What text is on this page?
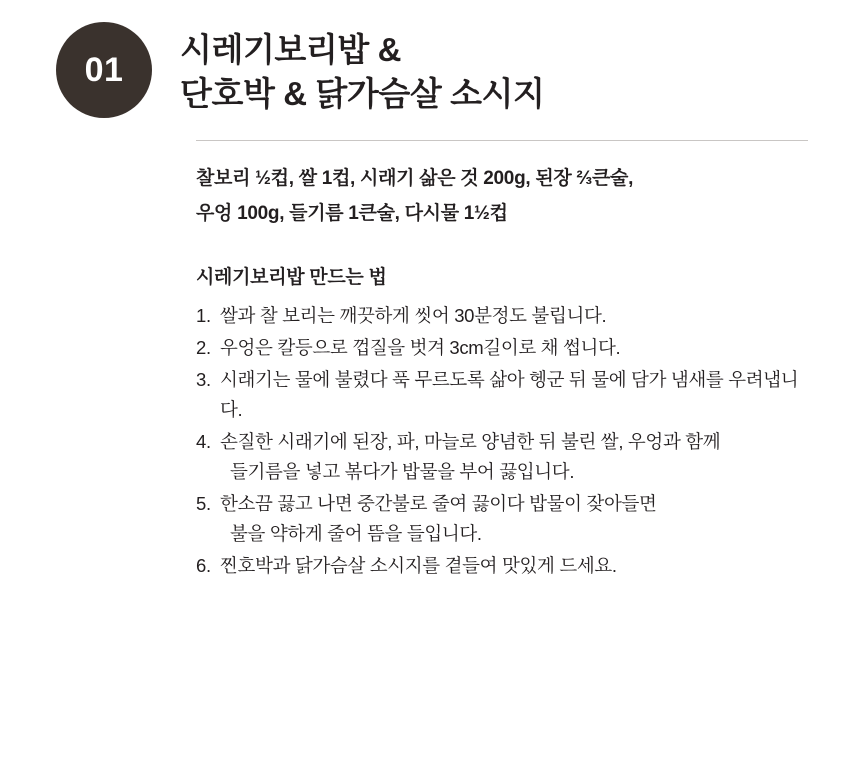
01
시레기보리밥 &
단호박 & 닭가슴살 소시지

찰보리 ½컵, 쌀 1컵, 시래기 삶은 것 200g, 된장 ⅔큰술,

우엉 100g, 들기름 1큰술, 다시물 1½컵

시레기보리밥 만드는 법
1. 쌀과 찰 보리는 깨끗하게 씻어 30분정도 불립니다.
2. 우엉은 칼등으로 껍질을 벗겨 3cm길이로 채 썹니다.
3. 시래기는 물에 불렸다 푹 무르도록 삶아 헹군 뒤 물에 담가 냄새를 우려냅니다.
4. 손질한 시래기에 된장, 파, 마늘로 양념한 뒤 불린 쌀, 우엉과 함께
들기름을 넣고 볶다가 밥물을 부어 끓입니다.
5. 한소끔 끓고 나면 중간불로 줄여 끓이다 밥물이 잦아들면
불을 약하게 줄어 뜸을 들입니다.
6. 찐호박과 닭가슴살 소시지를 곁들여 맛있게 드세요.
